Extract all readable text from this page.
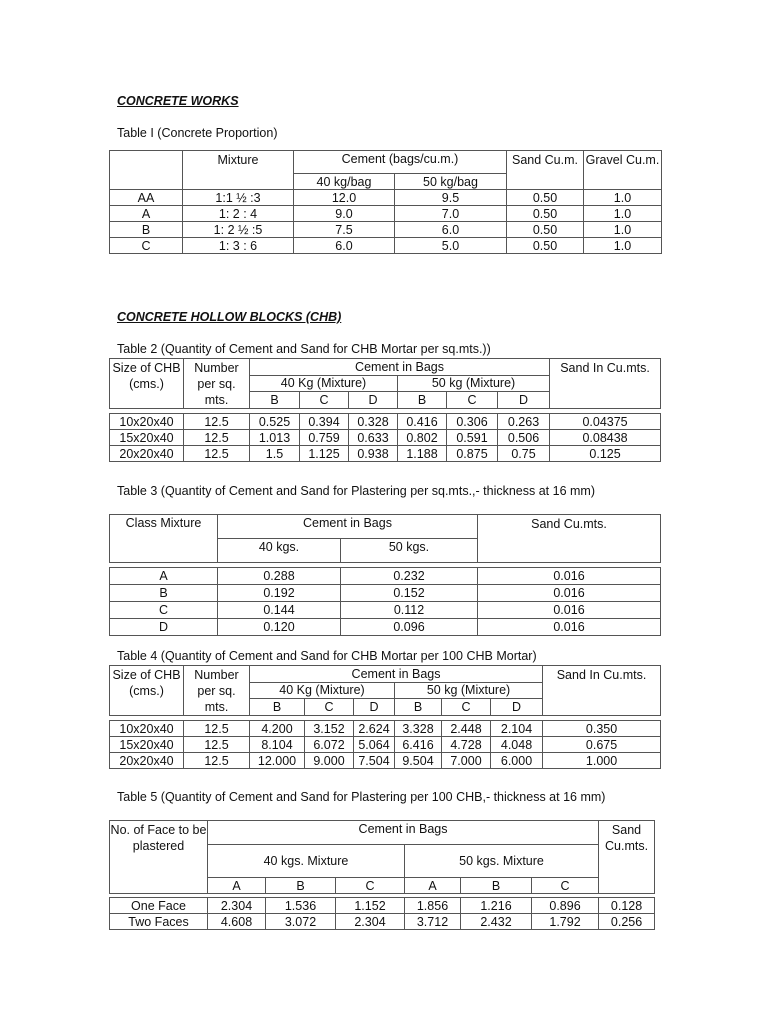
CONCRETE WORKS
Table I (Concrete Proportion)
	Mixture	Cement (bags/cu.m.)		Sand Cu.m.	Gravel Cu.m.
		40 kg/bag	50 kg/bag		
AA	1:1 ½ :3	12.0	9.5	0.50	1.0
A	1: 2 : 4	9.0	7.0	0.50	1.0
B	1: 2 ½ :5	7.5	6.0	0.50	1.0
C	1: 3 : 6	6.0	5.0	0.50	1.0
CONCRETE HOLLOW BLOCKS (CHB)
Table 2 (Quantity of Cement and Sand for CHB Mortar per sq.mts.))
Size of CHB (cms.)	Number per sq. mts.	Cement in Bags						Sand In Cu.mts.
		40 Kg (Mixture)			50 kg (Mixture)			
		B	C	D	B	C	D	

10x20x40	12.5	0.525	0.394	0.328	0.416	0.306	0.263	0.04375
15x20x40	12.5	1.013	0.759	0.633	0.802	0.591	0.506	0.08438
20x20x40	12.5	1.5	1.125	0.938	1.188	0.875	0.75	0.125
Table 3 (Quantity of Cement and Sand for Plastering per sq.mts.,- thickness at 16 mm)
Class Mixture	Cement in Bags		Sand Cu.mts.
	40 kgs.	50 kgs.	

A	0.288	0.232	0.016
B	0.192	0.152	0.016
C	0.144	0.112	0.016
D	0.120	0.096	0.016
Table 4 (Quantity of Cement and Sand for CHB Mortar per 100 CHB Mortar)
Size of CHB (cms.)	Number per sq. mts.	Cement in Bags						Sand In Cu.mts.
		40 Kg (Mixture)			50 kg (Mixture)			
		B	C	D	B	C	D	

10x20x40	12.5	4.200	3.152	2.624	3.328	2.448	2.104	0.350
15x20x40	12.5	8.104	6.072	5.064	6.416	4.728	4.048	0.675
20x20x40	12.5	12.000	9.000	7.504	9.504	7.000	6.000	1.000
Table 5 (Quantity of Cement and Sand for Plastering per 100 CHB,- thickness at 16 mm)
No. of Face to be plastered	Cement in Bags						Sand Cu.mts.
	40 kgs. Mixture			50 kgs. Mixture			
	A	B	C	A	B	C	

One Face	2.304	1.536	1.152	1.856	1.216	0.896	0.128
Two Faces	4.608	3.072	2.304	3.712	2.432	1.792	0.256
